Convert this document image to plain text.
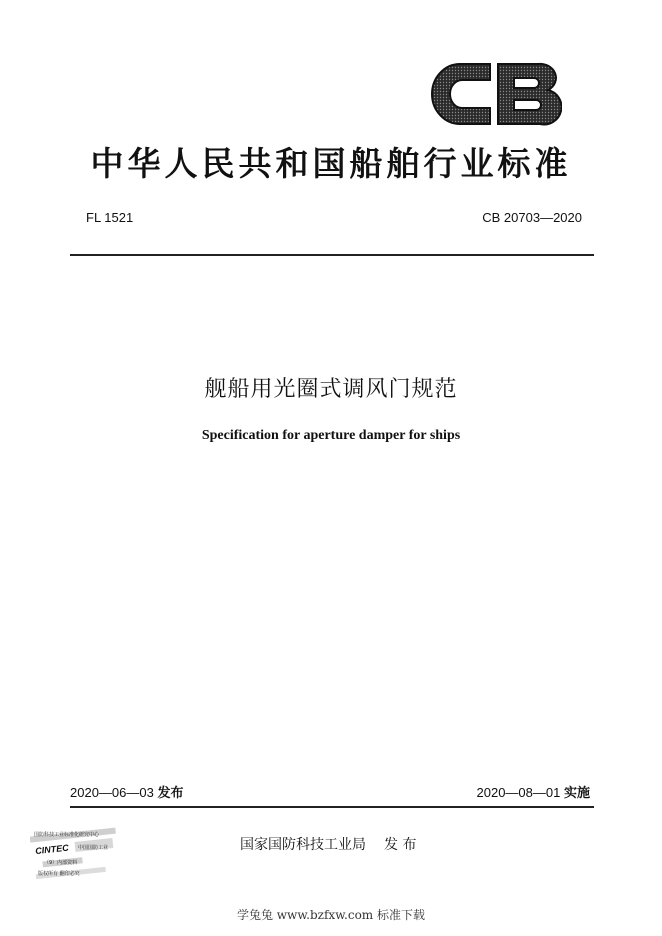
中华人民共和国船舶行业标准
FL 1521	CB 20703—2020
舰船用光圈式调风门规范
Specification for aperture damper for ships
2020—06—03 发布	2020—08—01 实施
国家国防科技工业局 发 布
CINTEC
国防科技工业标准化研究中心
中国国防工业
（9）内部资料
版权所有 翻印必究
学兔兔 www.bzfxw.com 标准下载
